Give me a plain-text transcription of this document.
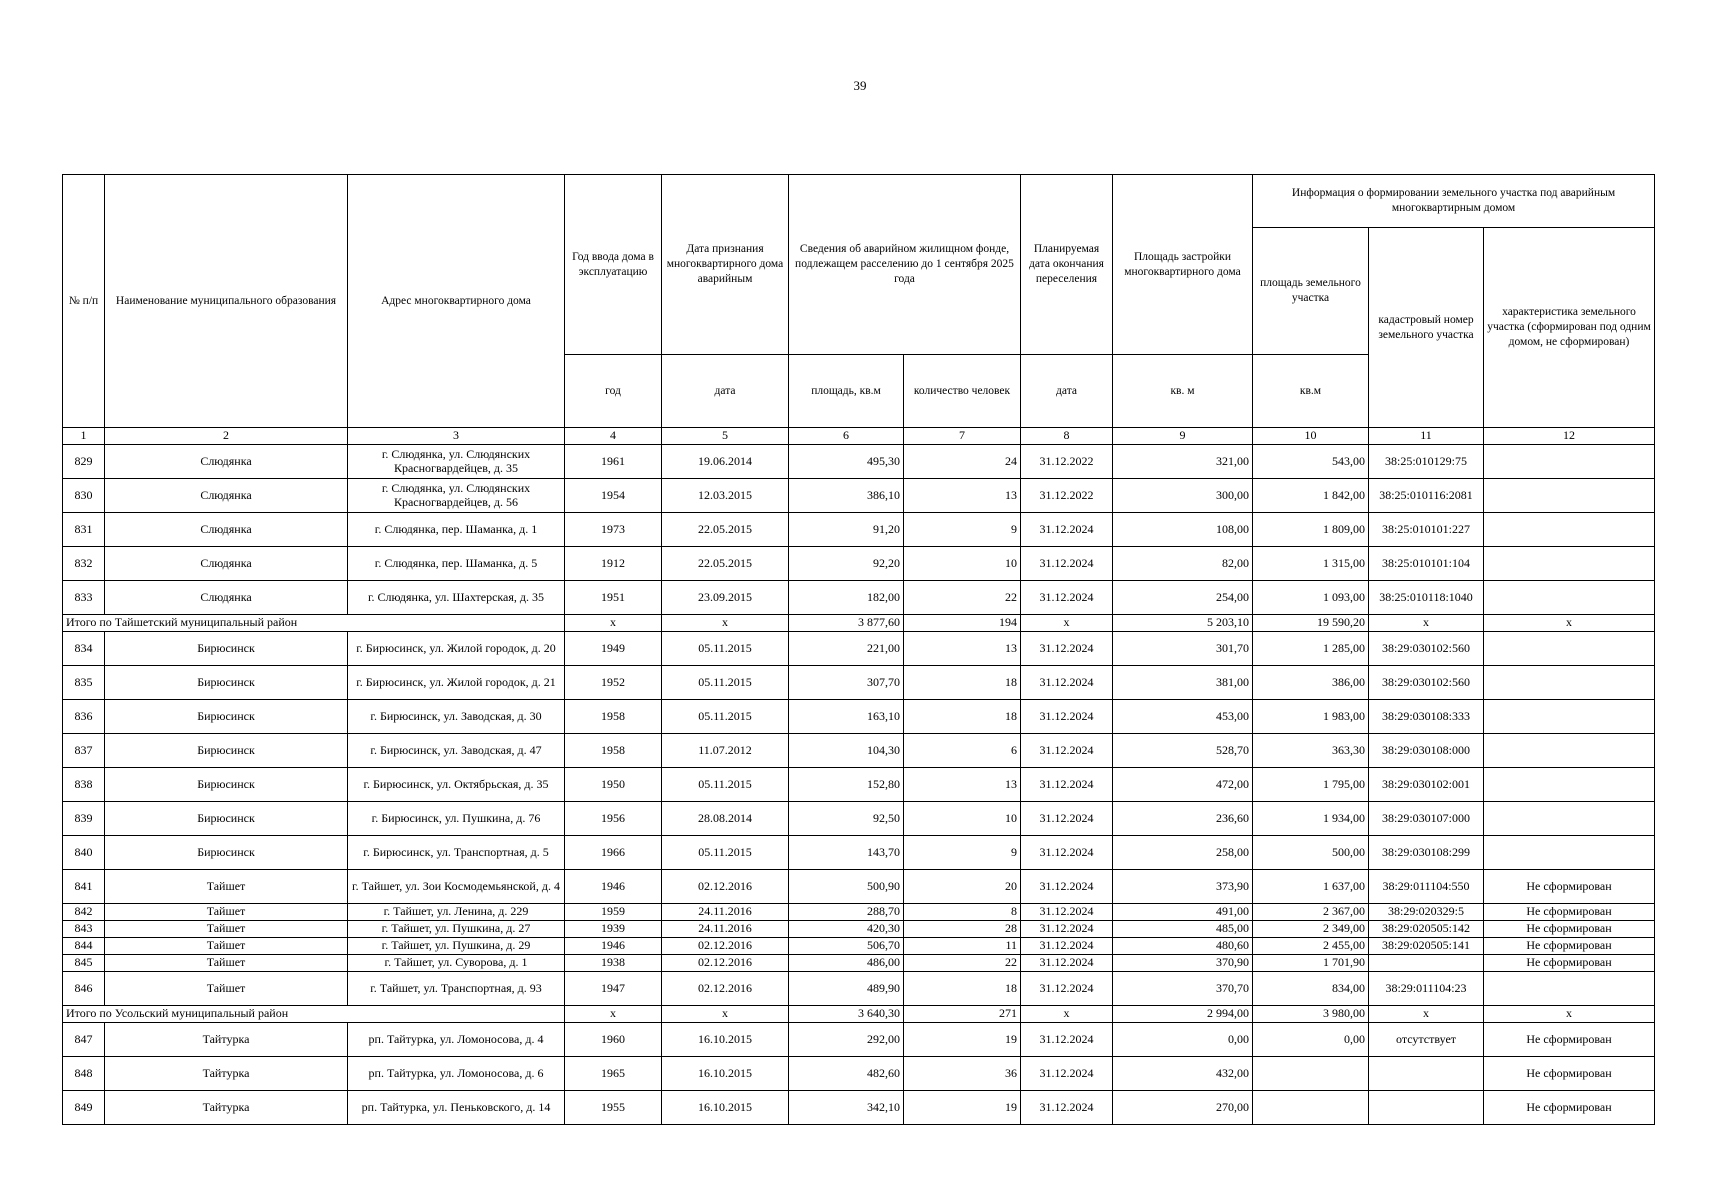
39
№ п/п	Наименование муниципального образования	Адрес многоквартирного дома	Год ввода дома в эксплуатацию	Дата признания многоквартирного дома аварийным	Сведения об аварийном жилищном фонде, подлежащем расселению до 1 сентября 2025 года		Планируемая дата окончания переселения	Площадь застройки многоквартирного дома	Информация о формировании земельного участка под аварийным многоквартирным домом		
									площадь земельного участка	кадастровый номер земельного участка	характеристика земельного участка (сформирован под одним домом, не сформирован)
			год	дата	площадь, кв.м	количество человек	дата	кв. м	кв.м		
1	2	3	4	5	6	7	8	9	10	11	12
829	Слюдянка	г. Слюдянка, ул. Слюдянских Красногвардейцев, д. 35	1961	19.06.2014	495,30	24	31.12.2022	321,00	543,00	38:25:010129:75	
830	Слюдянка	г. Слюдянка, ул. Слюдянских Красногвардейцев, д. 56	1954	12.03.2015	386,10	13	31.12.2022	300,00	1 842,00	38:25:010116:2081	
831	Слюдянка	г. Слюдянка, пер. Шаманка, д. 1	1973	22.05.2015	91,20	9	31.12.2024	108,00	1 809,00	38:25:010101:227	
832	Слюдянка	г. Слюдянка, пер. Шаманка, д. 5	1912	22.05.2015	92,20	10	31.12.2024	82,00	1 315,00	38:25:010101:104	
833	Слюдянка	г. Слюдянка, ул. Шахтерская, д. 35	1951	23.09.2015	182,00	22	31.12.2024	254,00	1 093,00	38:25:010118:1040	
Итого по Тайшетский муниципальный район			х	х	3 877,60	194	х	5 203,10	19 590,20	х	х
834	Бирюсинск	г. Бирюсинск, ул. Жилой городок, д. 20	1949	05.11.2015	221,00	13	31.12.2024	301,70	1 285,00	38:29:030102:560	
835	Бирюсинск	г. Бирюсинск, ул. Жилой городок, д. 21	1952	05.11.2015	307,70	18	31.12.2024	381,00	386,00	38:29:030102:560	
836	Бирюсинск	г. Бирюсинск, ул. Заводская, д. 30	1958	05.11.2015	163,10	18	31.12.2024	453,00	1 983,00	38:29:030108:333	
837	Бирюсинск	г. Бирюсинск, ул. Заводская, д. 47	1958	11.07.2012	104,30	6	31.12.2024	528,70	363,30	38:29:030108:000	
838	Бирюсинск	г. Бирюсинск, ул. Октябрьская, д. 35	1950	05.11.2015	152,80	13	31.12.2024	472,00	1 795,00	38:29:030102:001	
839	Бирюсинск	г. Бирюсинск, ул. Пушкина, д. 76	1956	28.08.2014	92,50	10	31.12.2024	236,60	1 934,00	38:29:030107:000	
840	Бирюсинск	г. Бирюсинск, ул. Транспортная, д. 5	1966	05.11.2015	143,70	9	31.12.2024	258,00	500,00	38:29:030108:299	
841	Тайшет	г. Тайшет, ул. Зои Космодемьянской, д. 4	1946	02.12.2016	500,90	20	31.12.2024	373,90	1 637,00	38:29:011104:550	Не сформирован
842	Тайшет	г. Тайшет, ул. Ленина, д. 229	1959	24.11.2016	288,70	8	31.12.2024	491,00	2 367,00	38:29:020329:5	Не сформирован
843	Тайшет	г. Тайшет, ул. Пушкина, д. 27	1939	24.11.2016	420,30	28	31.12.2024	485,00	2 349,00	38:29:020505:142	Не сформирован
844	Тайшет	г. Тайшет, ул. Пушкина, д. 29	1946	02.12.2016	506,70	11	31.12.2024	480,60	2 455,00	38:29:020505:141	Не сформирован
845	Тайшет	г. Тайшет, ул. Суворова, д. 1	1938	02.12.2016	486,00	22	31.12.2024	370,90	1 701,90		Не сформирован
846	Тайшет	г. Тайшет, ул. Транспортная, д. 93	1947	02.12.2016	489,90	18	31.12.2024	370,70	834,00	38:29:011104:23	
Итого по Усольский муниципальный район			х	х	3 640,30	271	х	2 994,00	3 980,00	х	х
847	Тайтурка	рп. Тайтурка, ул. Ломоносова, д. 4	1960	16.10.2015	292,00	19	31.12.2024	0,00	0,00	отсутствует	Не сформирован
848	Тайтурка	рп. Тайтурка, ул. Ломоносова, д. 6	1965	16.10.2015	482,60	36	31.12.2024	432,00			Не сформирован
849	Тайтурка	рп. Тайтурка, ул. Пеньковского, д. 14	1955	16.10.2015	342,10	19	31.12.2024	270,00			Не сформирован
